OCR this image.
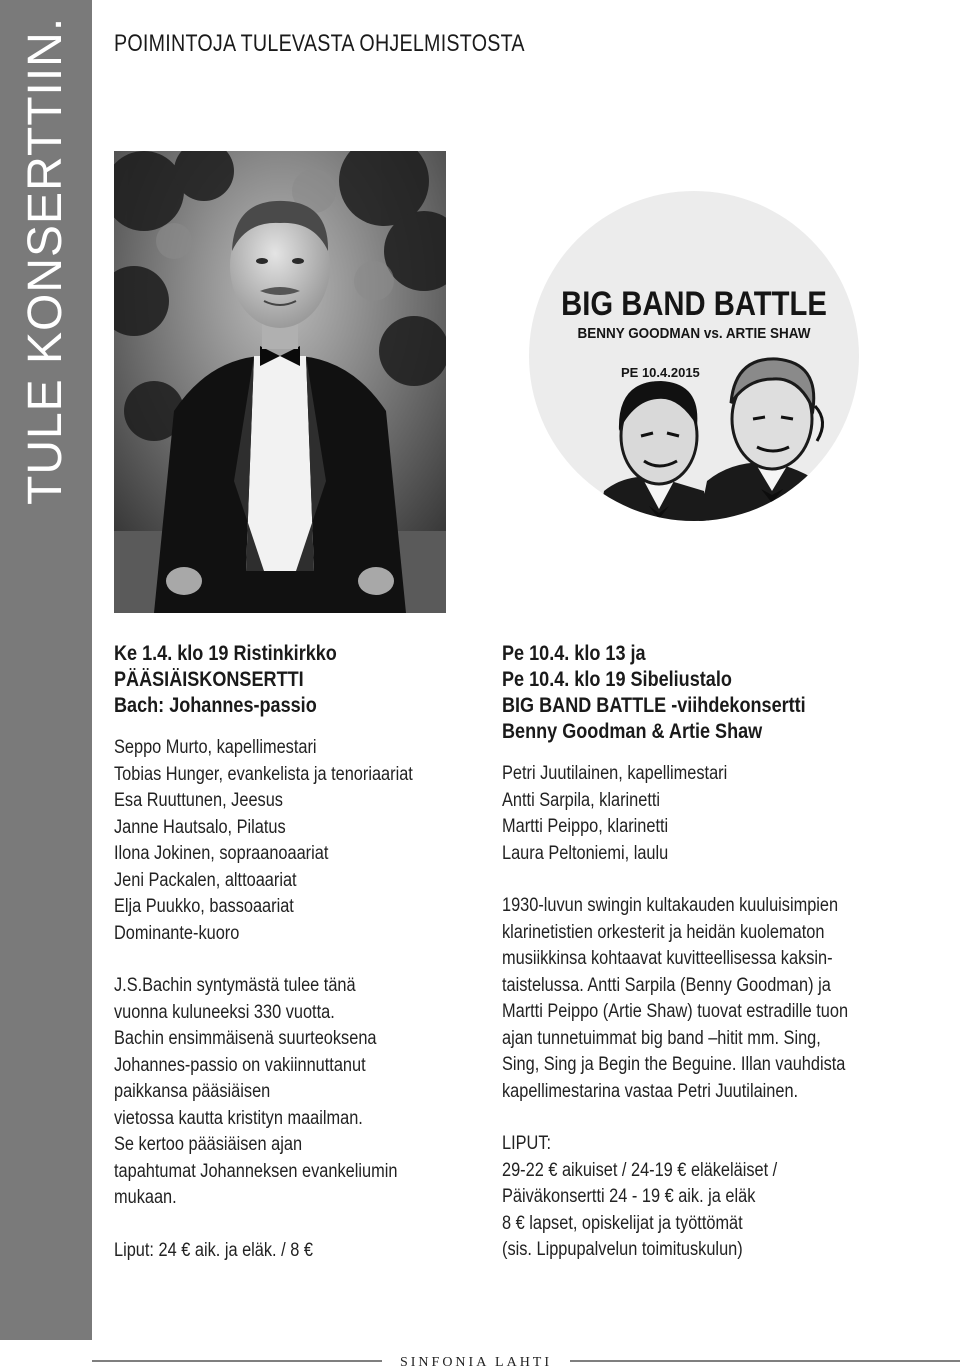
TULE KONSERTTIIN. POIMINTOJA TULEVASTA OHJELMISTOSTA
BIG BAND BATTLE
BENNY GOODMAN vs. ARTIE SHAW
PE 10.4.2015
Ke 1.4. klo 19 Ristinkirkko
PÄÄSIÄISKONSERTTI
Bach: Johannes-passio
Seppo Murto, kapellimestari
Tobias Hunger, evankelista ja tenoriaariat
Esa Ruuttunen, Jeesus
Janne Hautsalo, Pilatus
Ilona Jokinen, sopraanoaariat
Jeni Packalen, alttoaariat
Elja Puukko, bassoaariat
Dominante-kuoro
J.S.Bachin syntymästä tulee tänä
vuonna kuluneeksi 330 vuotta.
Bachin ensimmäisenä suurteoksena
Johannes-passio on vakiinnuttanut
paikkansa pääsiäisen
vietossa kautta kristityn maailman.
Se kertoo pääsiäisen ajan
tapahtumat Johanneksen evankeliumin
mukaan.
Liput: 24 € aik. ja eläk. / 8 €
Pe 10.4. klo 13 ja
Pe 10.4. klo 19 Sibeliustalo
BIG BAND BATTLE -viihdekonsertti
Benny Goodman & Artie Shaw
Petri Juutilainen, kapellimestari
Antti Sarpila, klarinetti
Martti Peippo, klarinetti
Laura Peltoniemi, laulu
1930-luvun swingin kultakauden kuuluisimpien
klarinetistien orkesterit ja heidän kuolematon
musiikkinsa kohtaavat kuvitteellisessa kaksin-
taistelussa. Antti Sarpila (Benny Goodman) ja
Martti Peippo (Artie Shaw) tuovat estradille tuon
ajan tunnetuimmat big band –hitit mm. Sing,
Sing, Sing ja Begin the Beguine. Illan vauhdista
kapellimestarina vastaa Petri Juutilainen.
LIPUT:
29-22 € aikuiset / 24-19 € eläkeläiset /
Päiväkonsertti 24 - 19 € aik. ja eläk
8 € lapset, opiskelijat ja työttömät
(sis. Lippupalvelun toimituskulun)
SINFONIA LAHTI
